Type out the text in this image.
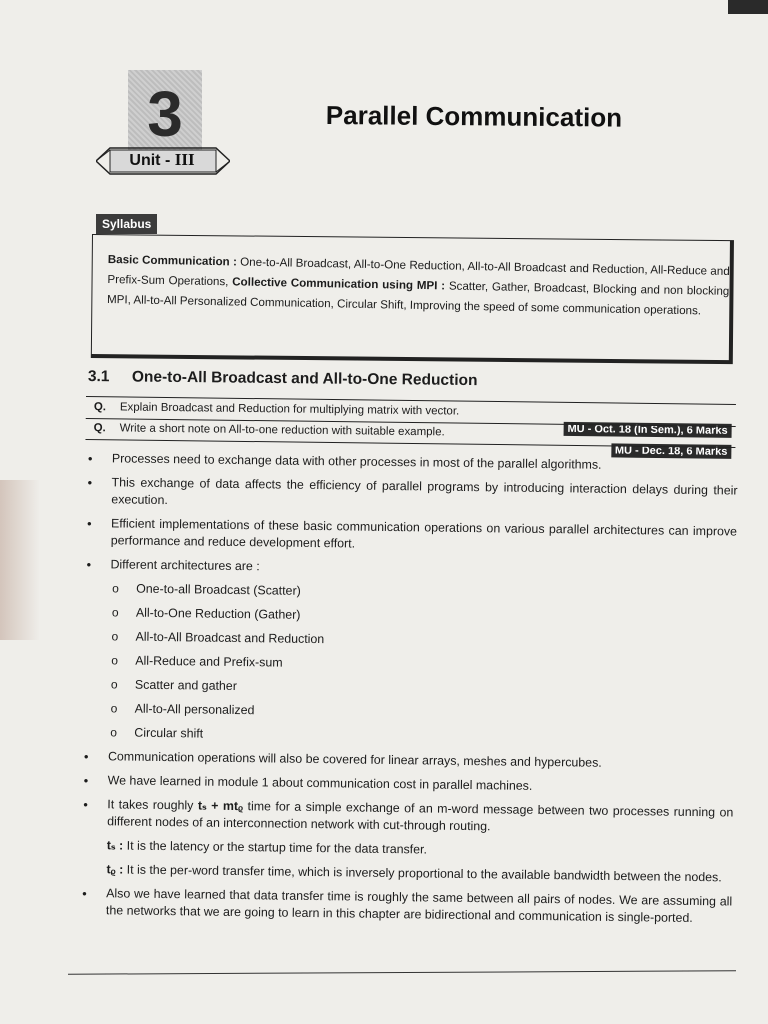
3
Unit - III
Parallel Communication
Syllabus
Basic Communication : One-to-All Broadcast, All-to-One Reduction, All-to-All Broadcast and Reduction, All-Reduce and Prefix-Sum Operations, Collective Communication using MPI : Scatter, Gather, Broadcast, Blocking and non blocking MPI, All-to-All Personalized Communication, Circular Shift, Improving the speed of some communication operations.
3.1 One-to-All Broadcast and All-to-One Reduction
Q. Explain Broadcast and Reduction for multiplying matrix with vector.
MU - Oct. 18 (In Sem.), 6 Marks
Q. Write a short note on All-to-one reduction with suitable example.
MU - Dec. 18, 6 Marks
• Processes need to exchange data with other processes in most of the parallel algorithms.
• This exchange of data affects the efficiency of parallel programs by introducing interaction delays during their execution.
• Efficient implementations of these basic communication operations on various parallel architectures can improve performance and reduce development effort.
• Different architectures are :
o One-to-all Broadcast (Scatter)
o All-to-One Reduction (Gather)
o All-to-All Broadcast and Reduction
o All-Reduce and Prefix-sum
o Scatter and gather
o All-to-All personalized
o Circular shift
• Communication operations will also be covered for linear arrays, meshes and hypercubes.
• We have learned in module 1 about communication cost in parallel machines.
• It takes roughly tₛ + mtᵨ time for a simple exchange of an m-word message between two processes running on different nodes of an interconnection network with cut-through routing.
tₛ : It is the latency or the startup time for the data transfer.
tᵨ : It is the per-word transfer time, which is inversely proportional to the available bandwidth between the nodes.
• Also we have learned that data transfer time is roughly the same between all pairs of nodes. We are assuming all the networks that we are going to learn in this chapter are bidirectional and communication is single-ported.
